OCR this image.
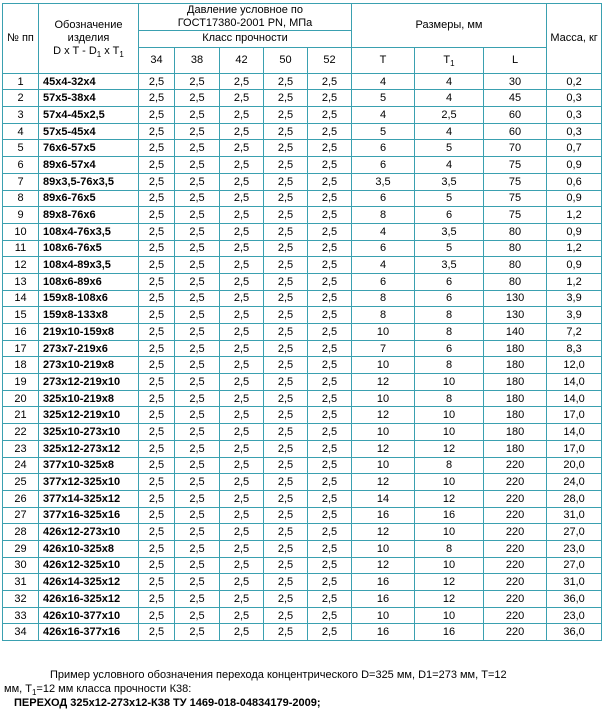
№ пп	Обозначение
изделия
D x T - $D_1$ x $T_1$	Давление условное по
ГОСТ17380-2001 PN, МПа					Размеры, мм			Масса, кг
		Класс прочности								
		34	38	42	50	52	T	$T_1$	L	
1	45x4-32x4	2,5	2,5	2,5	2,5	2,5	4	4	30	0,2
2	57x5-38x4	2,5	2,5	2,5	2,5	2,5	5	4	45	0,3
3	57x4-45x2,5	2,5	2,5	2,5	2,5	2,5	4	2,5	60	0,3
4	57x5-45x4	2,5	2,5	2,5	2,5	2,5	5	4	60	0,3
5	76x6-57x5	2,5	2,5	2,5	2,5	2,5	6	5	70	0,7
6	89x6-57x4	2,5	2,5	2,5	2,5	2,5	6	4	75	0,9
7	89x3,5-76x3,5	2,5	2,5	2,5	2,5	2,5	3,5	3,5	75	0,6
8	89x6-76x5	2,5	2,5	2,5	2,5	2,5	6	5	75	0,9
9	89x8-76x6	2,5	2,5	2,5	2,5	2,5	8	6	75	1,2
10	108x4-76x3,5	2,5	2,5	2,5	2,5	2,5	4	3,5	80	0,9
11	108x6-76x5	2,5	2,5	2,5	2,5	2,5	6	5	80	1,2
12	108x4-89x3,5	2,5	2,5	2,5	2,5	2,5	4	3,5	80	0,9
13	108x6-89x6	2,5	2,5	2,5	2,5	2,5	6	6	80	1,2
14	159x8-108x6	2,5	2,5	2,5	2,5	2,5	8	6	130	3,9
15	159x8-133x8	2,5	2,5	2,5	2,5	2,5	8	8	130	3,9
16	219x10-159x8	2,5	2,5	2,5	2,5	2,5	10	8	140	7,2
17	273x7-219x6	2,5	2,5	2,5	2,5	2,5	7	6	180	8,3
18	273x10-219x8	2,5	2,5	2,5	2,5	2,5	10	8	180	12,0
19	273x12-219x10	2,5	2,5	2,5	2,5	2,5	12	10	180	14,0
20	325x10-219x8	2,5	2,5	2,5	2,5	2,5	10	8	180	14,0
21	325x12-219x10	2,5	2,5	2,5	2,5	2,5	12	10	180	17,0
22	325x10-273x10	2,5	2,5	2,5	2,5	2,5	10	10	180	14,0
23	325x12-273x12	2,5	2,5	2,5	2,5	2,5	12	12	180	17,0
24	377x10-325x8	2,5	2,5	2,5	2,5	2,5	10	8	220	20,0
25	377x12-325x10	2,5	2,5	2,5	2,5	2,5	12	10	220	24,0
26	377x14-325x12	2,5	2,5	2,5	2,5	2,5	14	12	220	28,0
27	377x16-325x16	2,5	2,5	2,5	2,5	2,5	16	16	220	31,0
28	426x12-273x10	2,5	2,5	2,5	2,5	2,5	12	10	220	27,0
29	426x10-325x8	2,5	2,5	2,5	2,5	2,5	10	8	220	23,0
30	426x12-325x10	2,5	2,5	2,5	2,5	2,5	12	10	220	27,0
31	426x14-325x12	2,5	2,5	2,5	2,5	2,5	16	12	220	31,0
32	426x16-325x12	2,5	2,5	2,5	2,5	2,5	16	12	220	36,0
33	426x10-377x10	2,5	2,5	2,5	2,5	2,5	10	10	220	23,0
34	426x16-377x16	2,5	2,5	2,5	2,5	2,5	16	16	220	36,0
Пример условного обозначения перехода концентрического D=325 мм, D1=273 мм, T=12
мм, $T_1=12$ мм класса прочности К38:
ПЕРЕХОД 325x12-273x12-К38 ТУ 1469-018-04834179-2009;
